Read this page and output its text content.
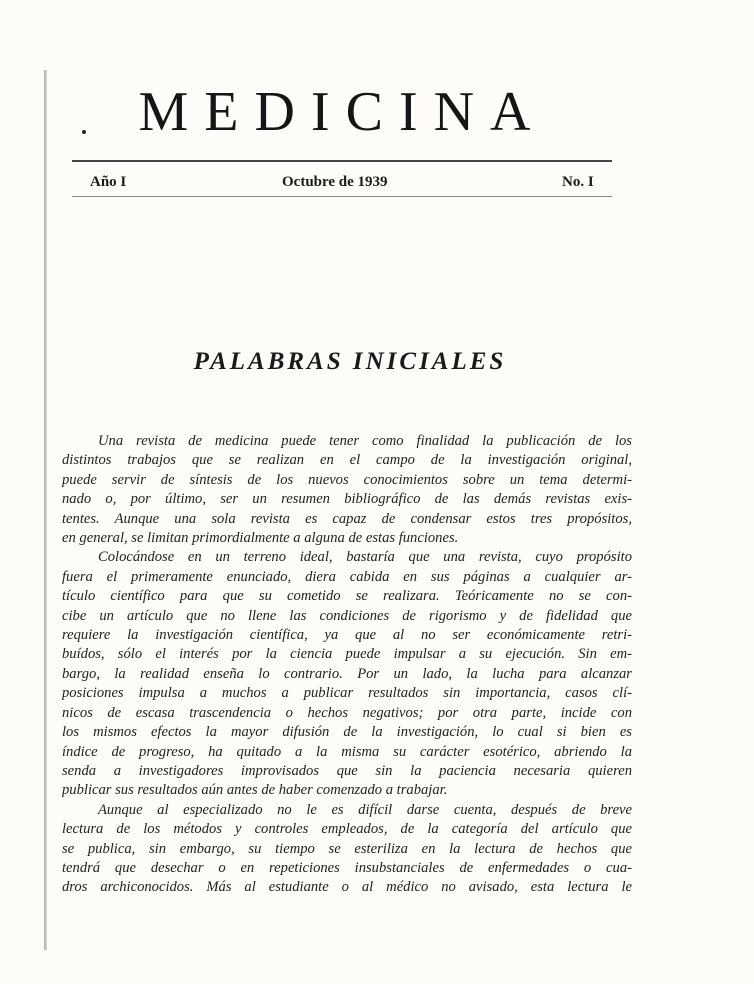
MEDICINA
Año I	Octubre de 1939	No. I
PALABRAS INICIALES
Una revista de medicina puede tener como finalidad la publicación de los
distintos trabajos que se realizan en el campo de la investigación original,
puede servir de síntesis de los nuevos conocimientos sobre un tema determi-
nado o, por último, ser un resumen bibliográfico de las demás revistas exis-
tentes. Aunque una sola revista es capaz de condensar estos tres propósitos,
en general, se limitan primordialmente a alguna de estas funciones.
Colocándose en un terreno ideal, bastaría que una revista, cuyo propósito
fuera el primeramente enunciado, diera cabida en sus páginas a cualquier ar-
tículo científico para que su cometido se realizara. Teóricamente no se con-
cibe un artículo que no llene las condiciones de rigorismo y de fidelidad que
requiere la investigación científica, ya que al no ser económicamente retri-
buídos, sólo el interés por la ciencia puede impulsar a su ejecución. Sin em-
bargo, la realidad enseña lo contrario. Por un lado, la lucha para alcanzar
posiciones impulsa a muchos a publicar resultados sin importancia, casos clí-
nicos de escasa trascendencia o hechos negativos; por otra parte, incide con
los mismos efectos la mayor difusión de la investigación, lo cual si bien es
índice de progreso, ha quitado a la misma su carácter esotérico, abriendo la
senda a investigadores improvisados que sin la paciencia necesaria quieren
publicar sus resultados aún antes de haber comenzado a trabajar.
Aunque al especializado no le es difícil darse cuenta, después de breve
lectura de los métodos y controles empleados, de la categoría del artículo que
se publica, sin embargo, su tiempo se esteriliza en la lectura de hechos que
tendrá que desechar o en repeticiones insubstanciales de enfermedades o cua-
dros archiconocidos. Más al estudiante o al médico no avisado, esta lectura le
